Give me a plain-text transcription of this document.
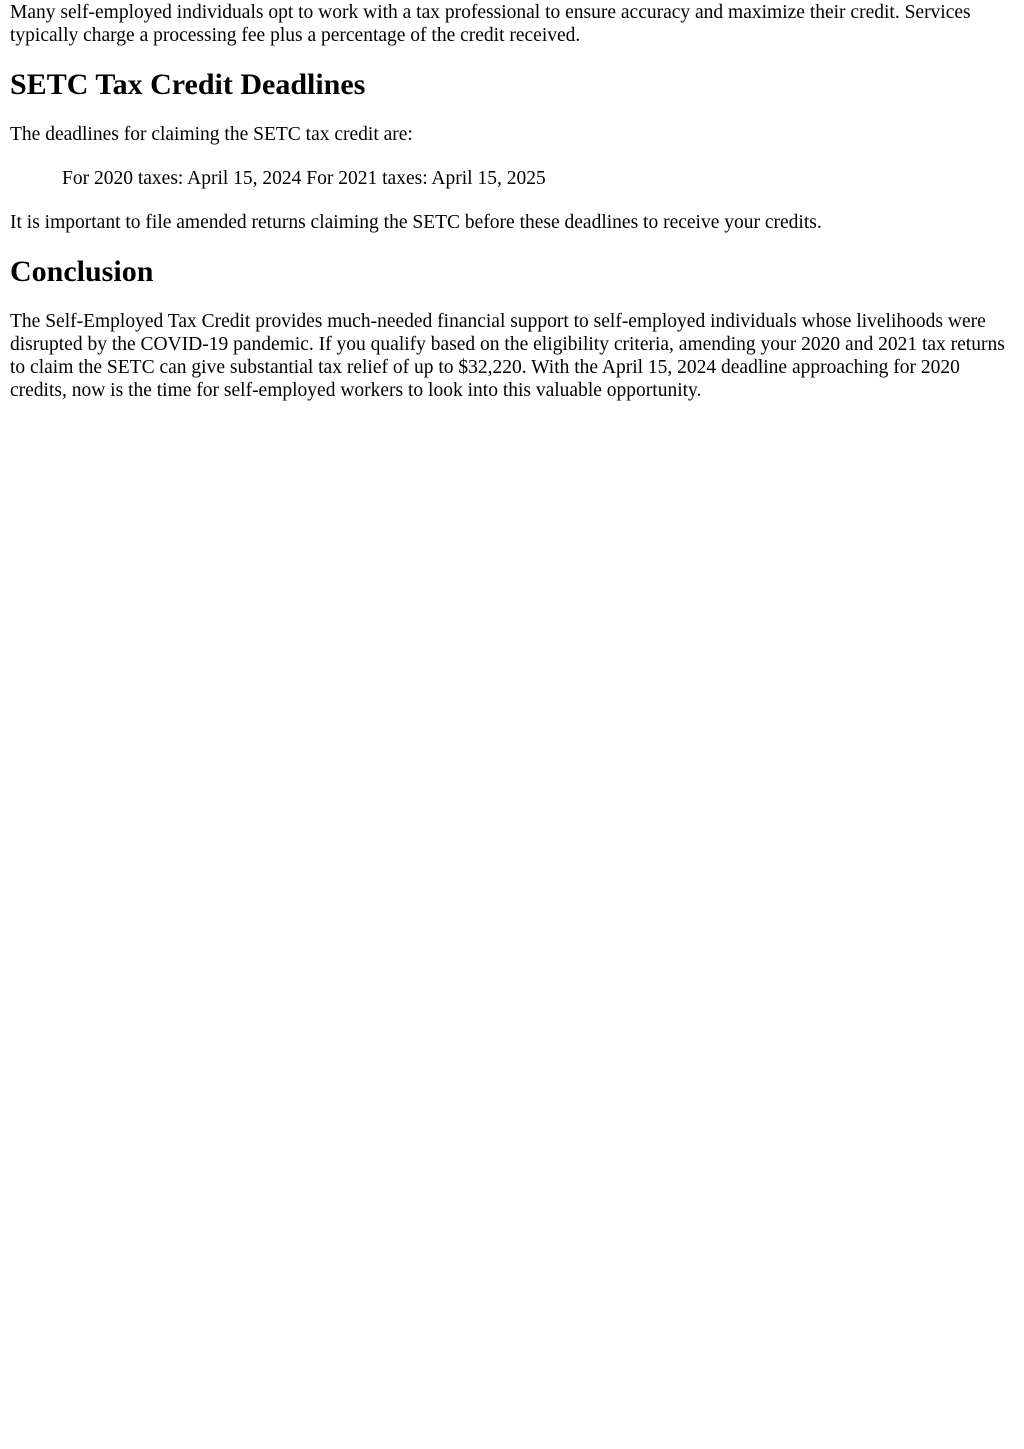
Many self-employed individuals opt to work with a tax professional to ensure accuracy and maximize their credit. Services typically charge a processing fee plus a percentage of the credit received.

SETC Tax Credit Deadlines

The deadlines for claiming the SETC tax credit are:

For 2020 taxes: April 15, 2024 For 2021 taxes: April 15, 2025

It is important to file amended returns claiming the SETC before these deadlines to receive your credits.

Conclusion

The Self-Employed Tax Credit provides much-needed financial support to self-employed individuals whose livelihoods were disrupted by the COVID-19 pandemic. If you qualify based on the eligibility criteria, amending your 2020 and 2021 tax returns to claim the SETC can give substantial tax relief of up to $32,220. With the April 15, 2024 deadline approaching for 2020 credits, now is the time for self-employed workers to look into this valuable opportunity.
